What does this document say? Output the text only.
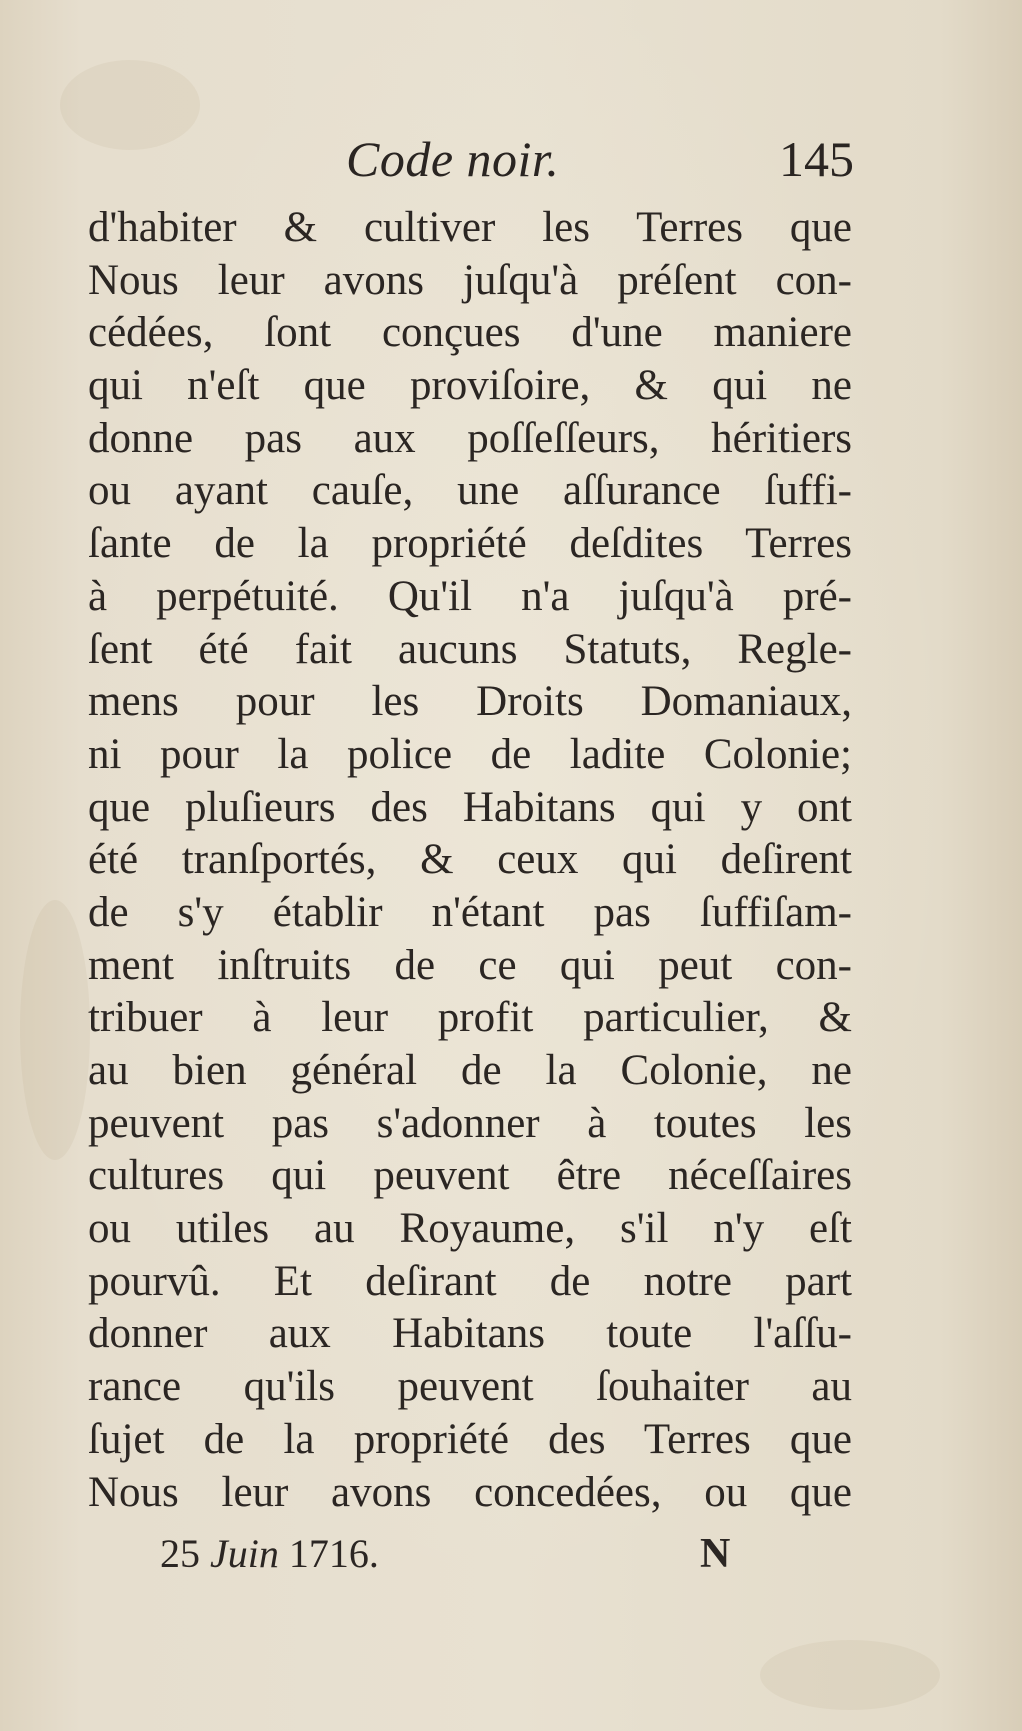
Code noir.	145
d'habiter & cultiver les Terres que
Nous leur avons juſqu'à préſent con-
cédées, ſont conçues d'une maniere
qui n'eſt que proviſoire, & qui ne
donne pas aux poſſeſſeurs, héritiers
ou ayant cauſe, une aſſurance ſuffi-
ſante de la propriété deſdites Terres
à perpétuité. Qu'il n'a juſqu'à pré-
ſent été fait aucuns Statuts, Regle-
mens pour les Droits Domaniaux,
ni pour la police de ladite Colonie;
que pluſieurs des Habitans qui y ont
été tranſportés, & ceux qui deſirent
de s'y établir n'étant pas ſuffiſam-
ment inſtruits de ce qui peut con-
tribuer à leur profit particulier, &
au bien général de la Colonie, ne
peuvent pas s'adonner à toutes les
cultures qui peuvent être néceſſaires
ou utiles au Royaume, s'il n'y eſt
pourvû. Et deſirant de notre part
donner aux Habitans toute l'aſſu-
rance qu'ils peuvent ſouhaiter au
ſujet de la propriété des Terres que
Nous leur avons concedées, ou que
25 Juin 1716.	N
